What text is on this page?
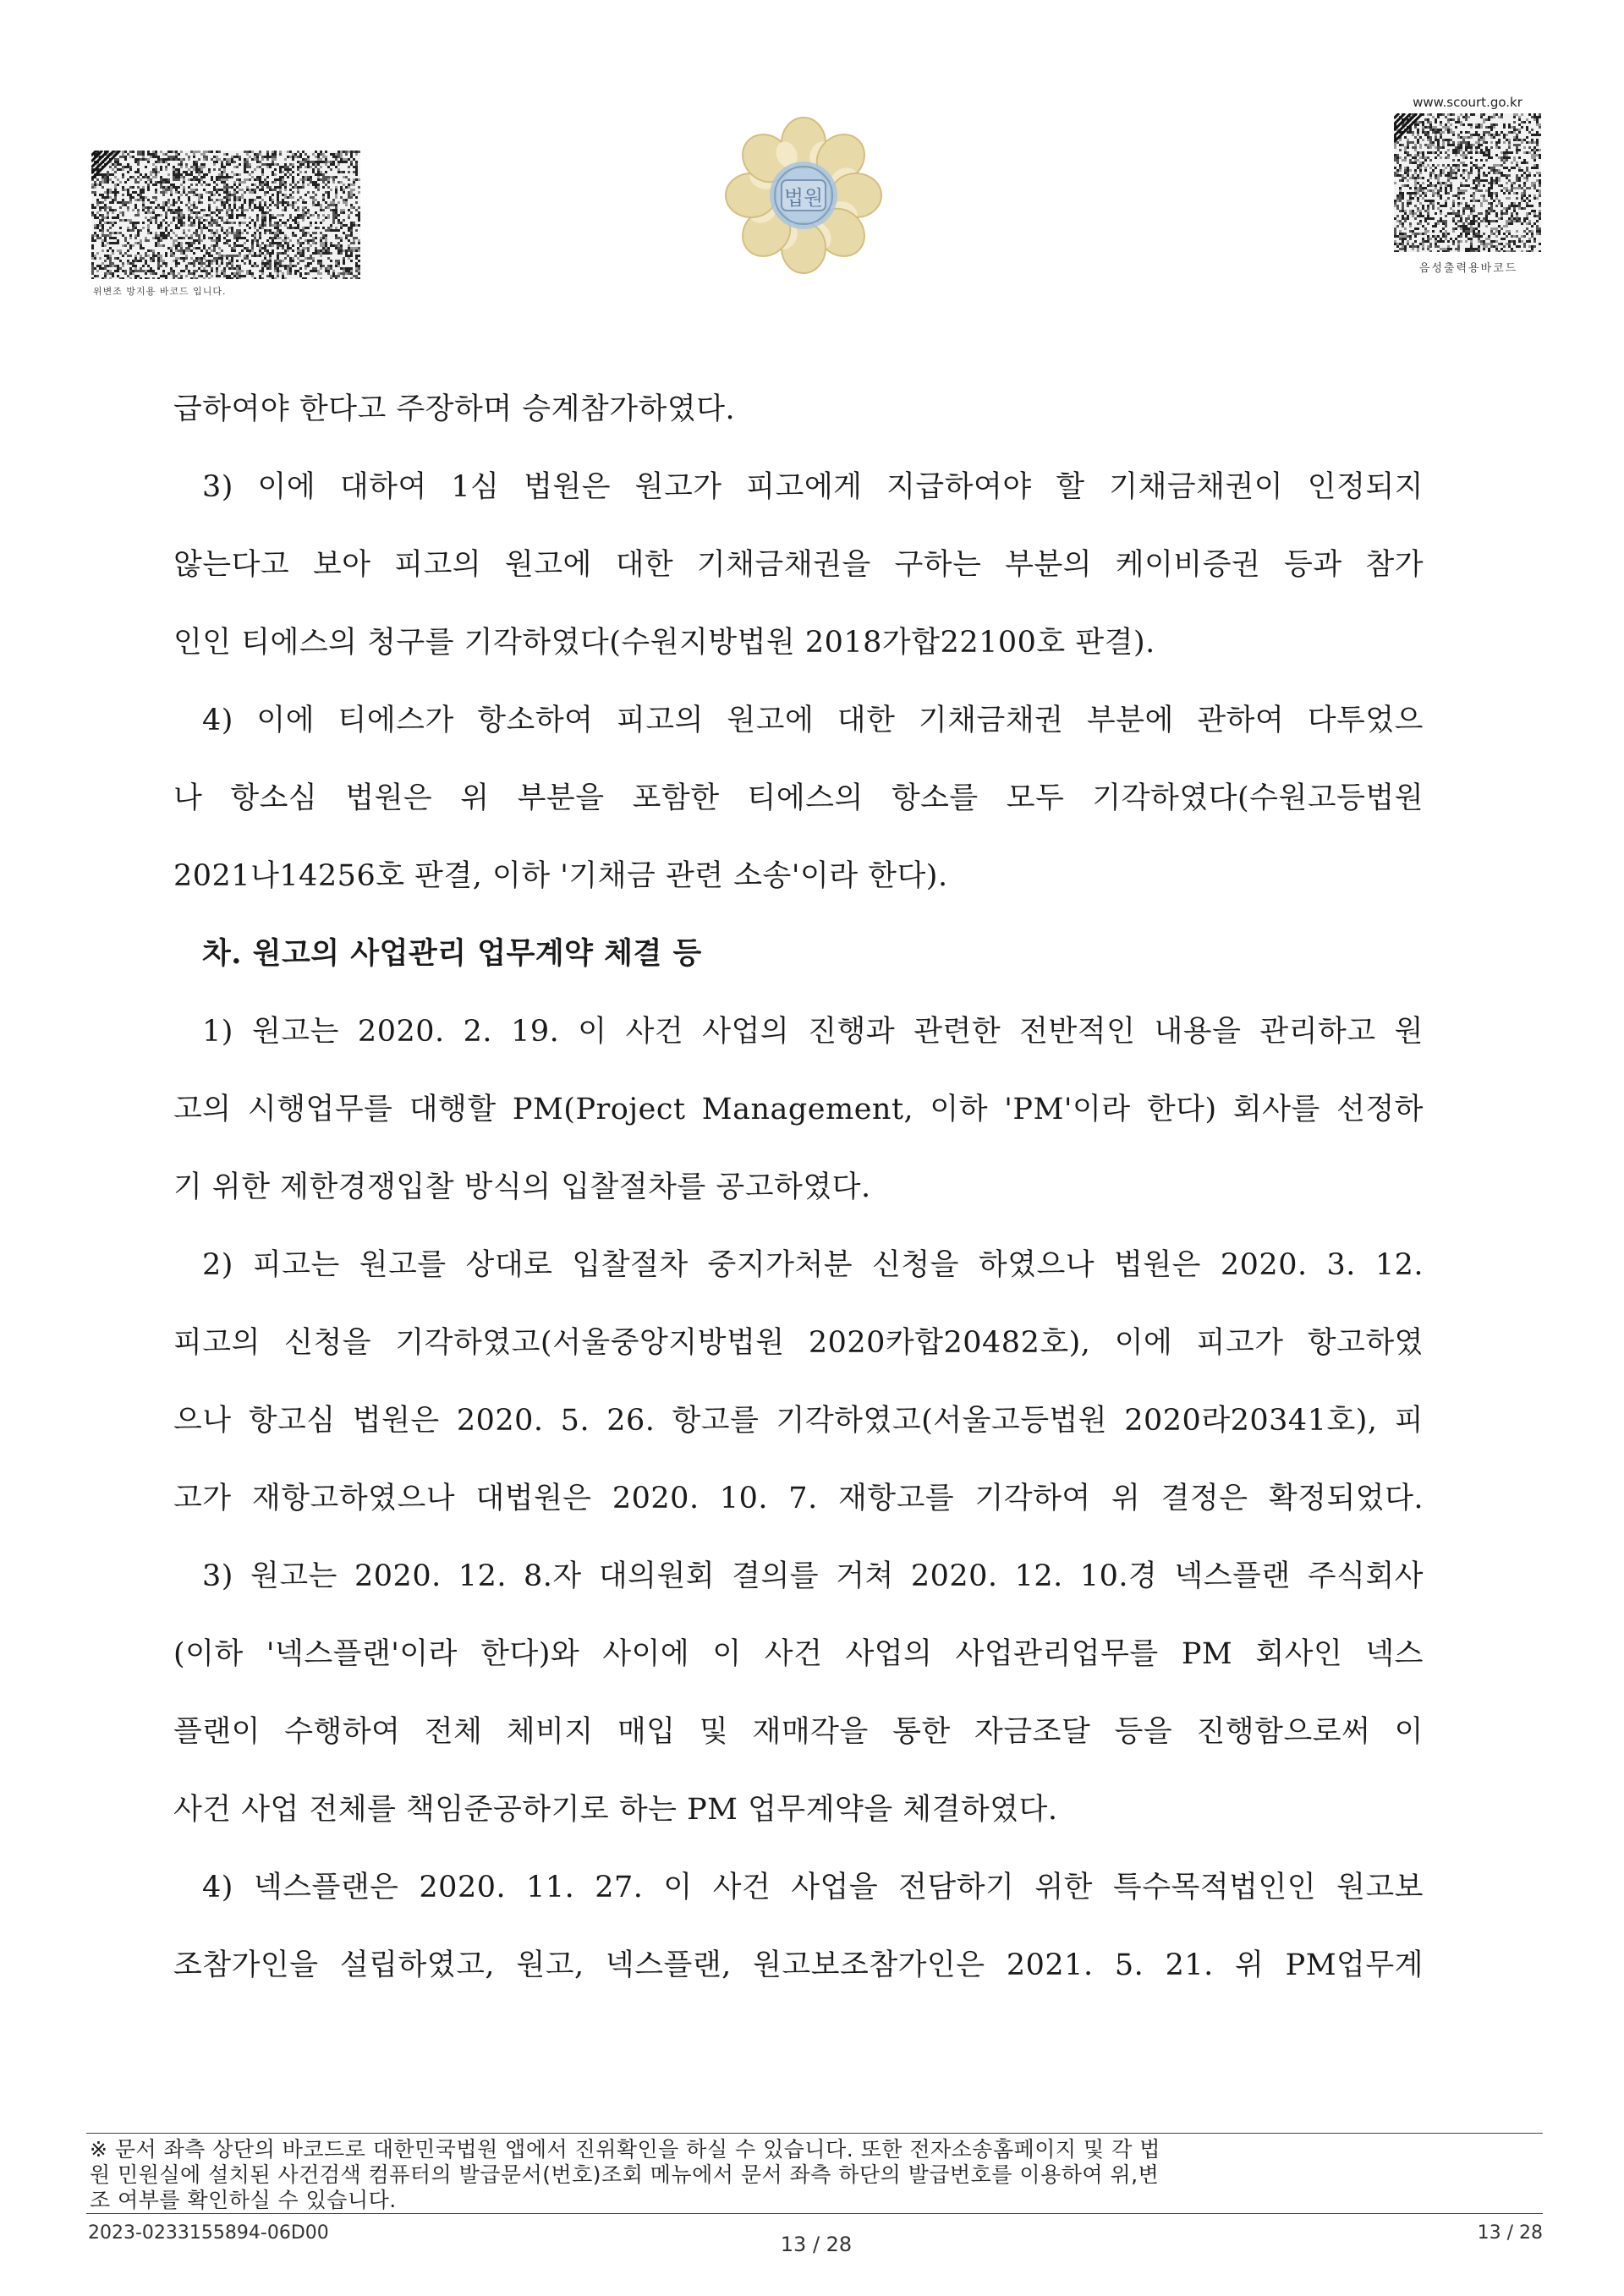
위변조 방지용 바코드 입니다.
법원
www.scourt.go.kr
음성출력용바코드
급하여야 한다고 주장하며 승계참가하였다.
3) 이에 대하여 1심 법원은 원고가 피고에게 지급하여야 할 기채금채권이 인정되지
않는다고 보아 피고의 원고에 대한 기채금채권을 구하는 부분의 케이비증권 등과 참가
인인 티에스의 청구를 기각하였다(수원지방법원 2018가합22100호 판결).
4) 이에 티에스가 항소하여 피고의 원고에 대한 기채금채권 부분에 관하여 다투었으
나 항소심 법원은 위 부분을 포함한 티에스의 항소를 모두 기각하였다(수원고등법원
2021나14256호 판결, 이하 '기채금 관련 소송'이라 한다).
차. 원고의 사업관리 업무계약 체결 등
1) 원고는 2020. 2. 19. 이 사건 사업의 진행과 관련한 전반적인 내용을 관리하고 원
고의 시행업무를 대행할 PM(Project Management, 이하 'PM'이라 한다) 회사를 선정하
기 위한 제한경쟁입찰 방식의 입찰절차를 공고하였다.
2) 피고는 원고를 상대로 입찰절차 중지가처분 신청을 하였으나 법원은 2020. 3. 12.
피고의 신청을 기각하였고(서울중앙지방법원 2020카합20482호), 이에 피고가 항고하였
으나 항고심 법원은 2020. 5. 26. 항고를 기각하였고(서울고등법원 2020라20341호), 피
고가 재항고하였으나 대법원은 2020. 10. 7. 재항고를 기각하여 위 결정은 확정되었다.
3) 원고는 2020. 12. 8.자 대의원회 결의를 거쳐 2020. 12. 10.경 넥스플랜 주식회사
(이하 '넥스플랜'이라 한다)와 사이에 이 사건 사업의 사업관리업무를 PM 회사인 넥스
플랜이 수행하여 전체 체비지 매입 및 재매각을 통한 자금조달 등을 진행함으로써 이
사건 사업 전체를 책임준공하기로 하는 PM 업무계약을 체결하였다.
4) 넥스플랜은 2020. 11. 27. 이 사건 사업을 전담하기 위한 특수목적법인인 원고보
조참가인을 설립하였고, 원고, 넥스플랜, 원고보조참가인은 2021. 5. 21. 위 PM업무계
※ 문서 좌측 상단의 바코드로 대한민국법원 앱에서 진위확인을 하실 수 있습니다. 또한 전자소송홈페이지 및 각 법
원 민원실에 설치된 사건검색 컴퓨터의 발급문서(번호)조회 메뉴에서 문서 좌측 하단의 발급번호를 이용하여 위,변
조 여부를 확인하실 수 있습니다.
2023-0233155894-06D00	13 / 28	13 / 28
